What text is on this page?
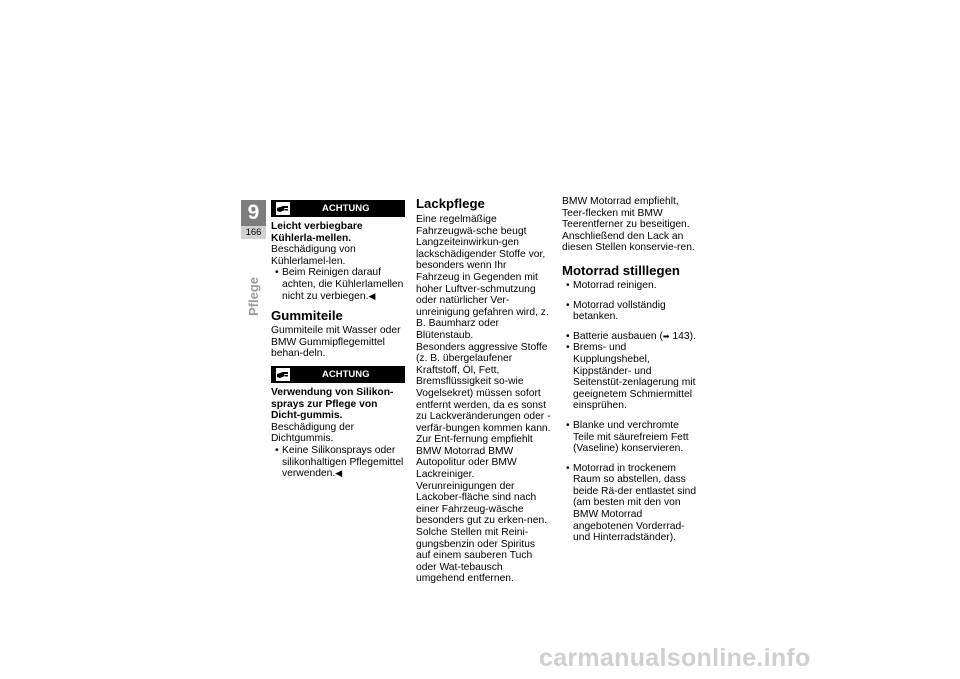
9
166
Pflege
ACHTUNG
Leicht verbiegbare Kühlerla-mellen.

Beschädigung von Kühlerlamel-len.

• Beim Reinigen darauf achten, die Kühlerlamellen nicht zu verbiegen.◀
Gummiteile

Gummiteile mit Wasser oder BMW Gummipflegemittel behan-deln.

ACHTUNG
Verwendung von Silikon-sprays zur Pflege von Dicht-gummis.

Beschädigung der Dichtgummis.

• Keine Silikonsprays oder silikonhaltigen Pflegemittel verwenden.◀
Lackpflege

Eine regelmäßige Fahrzeugwä-sche beugt Langzeiteinwirkun-gen lackschädigender Stoffe vor, besonders wenn Ihr Fahrzeug in Gegenden mit hoher Luftver-schmutzung oder natürlicher Ver-unreinigung gefahren wird, z. B. Baumharz oder Blütenstaub.

Besonders aggressive Stoffe (z. B. übergelaufener Kraftstoff, Öl, Fett, Bremsflüssigkeit so-wie Vogelsekret) müssen sofort entfernt werden, da es sonst zu Lackveränderungen oder -verfär-bungen kommen kann. Zur Ent-fernung empfiehlt BMW Motorrad BMW Autopolitur oder BMW Lackreiniger.

Verunreinigungen der Lackober-fläche sind nach einer Fahrzeug-wäsche besonders gut zu erken-nen. Solche Stellen mit Reini-gungsbenzin oder Spiritus auf einem sauberen Tuch oder Wat-tebausch umgehend entfernen.

BMW Motorrad empfiehlt, Teer-flecken mit BMW Teerentferner zu beseitigen. Anschließend den Lack an diesen Stellen konservie-ren.

Motorrad stilllegen
• Motorrad reinigen.
• Motorrad vollständig betanken.
• Batterie ausbauen (➡ 143).
• Brems- und Kupplungshebel, Kippständer- und Seitenstüt-zenlagerung mit geeignetem Schmiermittel einsprühen.
• Blanke und verchromte Teile mit säurefreiem Fett (Vaseline) konservieren.
• Motorrad in trockenem Raum so abstellen, dass beide Rä-der entlastet sind (am besten mit den von BMW Motorrad angebotenen Vorderrad- und Hinterradständer).
carmanualsonline.info
